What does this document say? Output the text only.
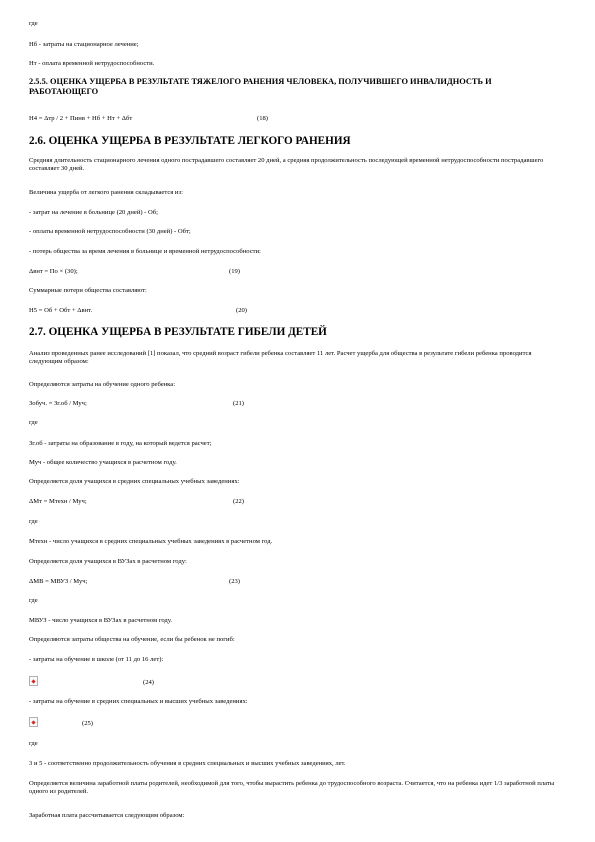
где
Нб - затраты на стационарное лечение;
Нт - оплата временной нетрудоспособности.
2.5.5. ОЦЕНКА УЩЕРБА В РЕЗУЛЬТАТЕ ТЯЖЕЛОГО РАНЕНИЯ ЧЕЛОВЕКА, ПОЛУЧИВШЕГО ИНВАЛИДНОСТЬ И РАБОТАЮЩЕГО
Н4 = Δтр / 2 + Пинв + Нб + Нт + Δбт	(18)
2.6. ОЦЕНКА УЩЕРБА В РЕЗУЛЬТАТЕ ЛЕГКОГО РАНЕНИЯ
Средняя длительность стационарного лечения одного пострадавшего составляет 20 дней, а средняя продолжительность последующей временной нетрудоспособности пострадавшего составляет 30 дней.
Величина ущерба от легкого ранения складывается из:
- затрат на лечение в больнице (20 дней) - Об;
- оплаты временной нетрудоспособности (30 дней) - Обт;
- потерь общества за время лечения в больнице и временной нетрудоспособности:
Δвнт = По × (30);	(19)
Суммарные потери общества составляют:
Н5 = Об + Обт + Δвнт.	(20)
2.7. ОЦЕНКА УЩЕРБА В РЕЗУЛЬТАТЕ ГИБЕЛИ ДЕТЕЙ
Анализ проведенных ранее исследований [1] показал, что средний возраст гибели ребенка составляет 11 лет. Расчет ущерба для общества в результате гибели ребенка проводится следующим образом:
Определяются затраты на обучение одного ребенка:
Зобуч. = Зг.об / Муч;	(21)
где
Зг.об - затраты на образование в году, на который ведется расчет;
Муч - общее количество учащихся в расчетном году.
Определяется доля учащихся в средних специальных учебных заведениях:
ΔМт = Мтехн / Муч;	(22)
где
Мтехн - число учащихся в средних специальных учебных заведениях в расчетном год.
Определяется доля учащихся в ВУЗах в расчетном году:
ΔМВ = МВУЗ / Муч;	(23)
где
МВУЗ - число учащихся в ВУЗах в расчетном году.
Определяются затраты общества на обучение, если бы ребенок не погиб:
- затраты на обучение в школе (от 11 до 16 лет):
(24)
- затраты на обучение в средних специальных и высших учебных заведениях:
(25)
где
3 и 5 - соответственно продолжительность обучения в средних специальных и высших учебных заведениях, лет.
Определяется величина заработной платы родителей, необходимой для того, чтобы вырастить ребенка до трудоспособного возраста. Считается, что на ребенка идет 1/3 заработной платы одного из родителей.
Заработная плата рассчитывается следующим образом:
